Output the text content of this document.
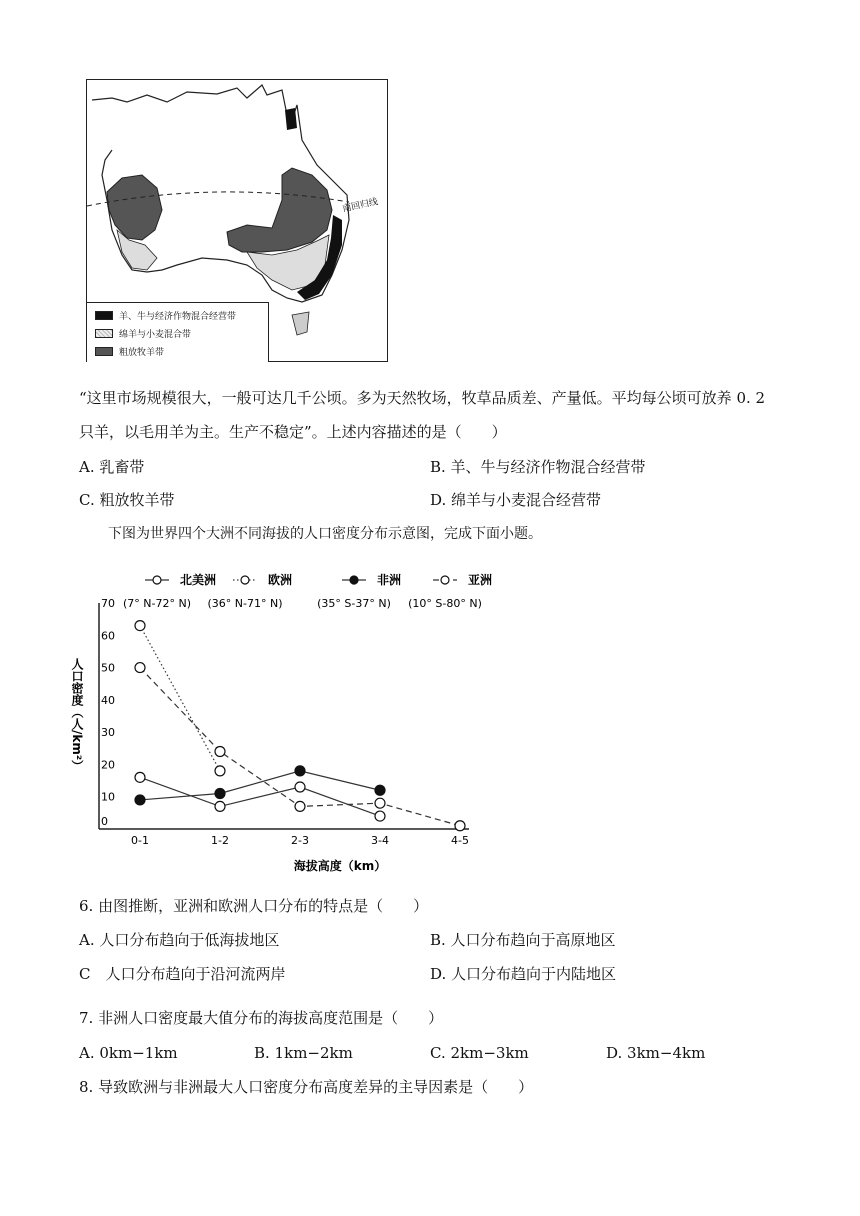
南回归线
羊、牛与经济作物混合经营带
绵羊与小麦混合带
粗放牧羊带
“这里市场规模很大，一般可达几千公顷。多为天然牧场，牧草品质差、产量低。平均每公顷可放养 0. 2
只羊，以毛用羊为主。生产不稳定”。上述内容描述的是（　　）
A. 乳畜带	B. 羊、牛与经济作物混合经营带
C. 粗放牧羊带	D. 绵羊与小麦混合经营带
下图为世界四个大洲不同海拔的人口密度分布示意图，完成下面小题。
0
10
20
30
40
50
60
70
0-1	1-2	2-3	3-4	4-5
海拔高度（km）
人口密度（人/km²）
北美洲
(7° N-72° N)
欧洲
(36° N-71° N)
非洲
(35° S-37° N)
亚洲
(10° S-80° N)
6. 由图推断，亚洲和欧洲人口分布的特点是（　　）
A. 人口分布趋向于低海拔地区	B. 人口分布趋向于高原地区
C　人口分布趋向于沿河流两岸	D. 人口分布趋向于内陆地区
7. 非洲人口密度最大值分布的海拔高度范围是（　　）
A. 0km−1km	B. 1km−2km	C. 2km−3km	D. 3km−4km
8. 导致欧洲与非洲最大人口密度分布高度差异的主导因素是（　　）
